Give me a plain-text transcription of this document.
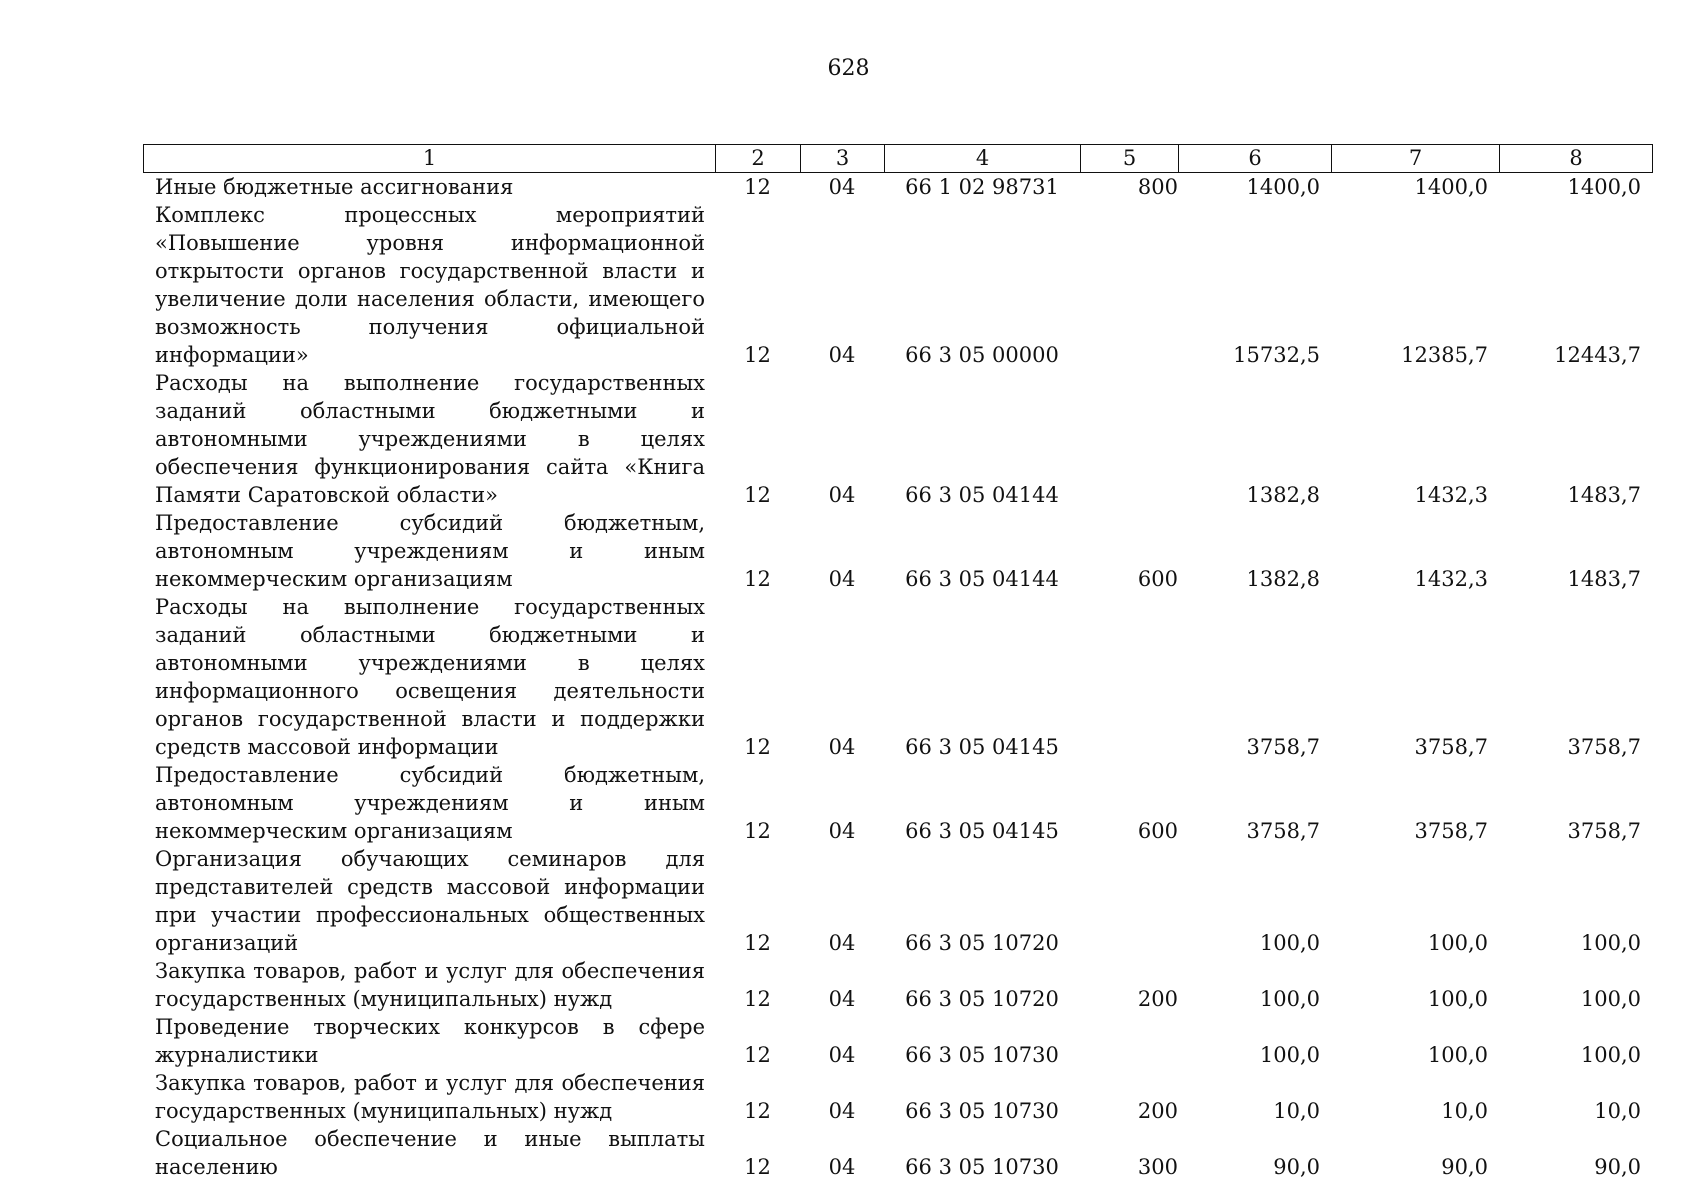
628
1	2	3	4	5	6	7	8
Иные бюджетные ассигнования	12	04	66 1 02 98731	800	1400,0	1400,0	1400,0
Комплекс процессных мероприятий «Повышение уровня информационной открытости органов государственной власти и увеличение доли населения области, имеющего возможность получения официальной информации»	12	04	66 3 05 00000		15732,5	12385,7	12443,7
Расходы на выполнение государственных заданий областными бюджетными и автономными учреждениями в целях обеспечения функционирования сайта «Книга Памяти Саратовской области»	12	04	66 3 05 04144		1382,8	1432,3	1483,7
Предоставление субсидий бюджетным, автономным учреждениям и иным некоммерческим организациям	12	04	66 3 05 04144	600	1382,8	1432,3	1483,7
Расходы на выполнение государственных заданий областными бюджетными и автономными учреждениями в целях информационного освещения деятельности органов государственной власти и поддержки средств массовой информации	12	04	66 3 05 04145		3758,7	3758,7	3758,7
Предоставление субсидий бюджетным, автономным учреждениям и иным некоммерческим организациям	12	04	66 3 05 04145	600	3758,7	3758,7	3758,7
Организация обучающих семинаров для представителей средств массовой информации при участии профессиональных общественных организаций	12	04	66 3 05 10720		100,0	100,0	100,0
Закупка товаров, работ и услуг для обеспечения государственных (муниципальных) нужд	12	04	66 3 05 10720	200	100,0	100,0	100,0
Проведение творческих конкурсов в сфере журналистики	12	04	66 3 05 10730		100,0	100,0	100,0
Закупка товаров, работ и услуг для обеспечения государственных (муниципальных) нужд	12	04	66 3 05 10730	200	10,0	10,0	10,0
Социальное обеспечение и иные выплаты населению	12	04	66 3 05 10730	300	90,0	90,0	90,0
